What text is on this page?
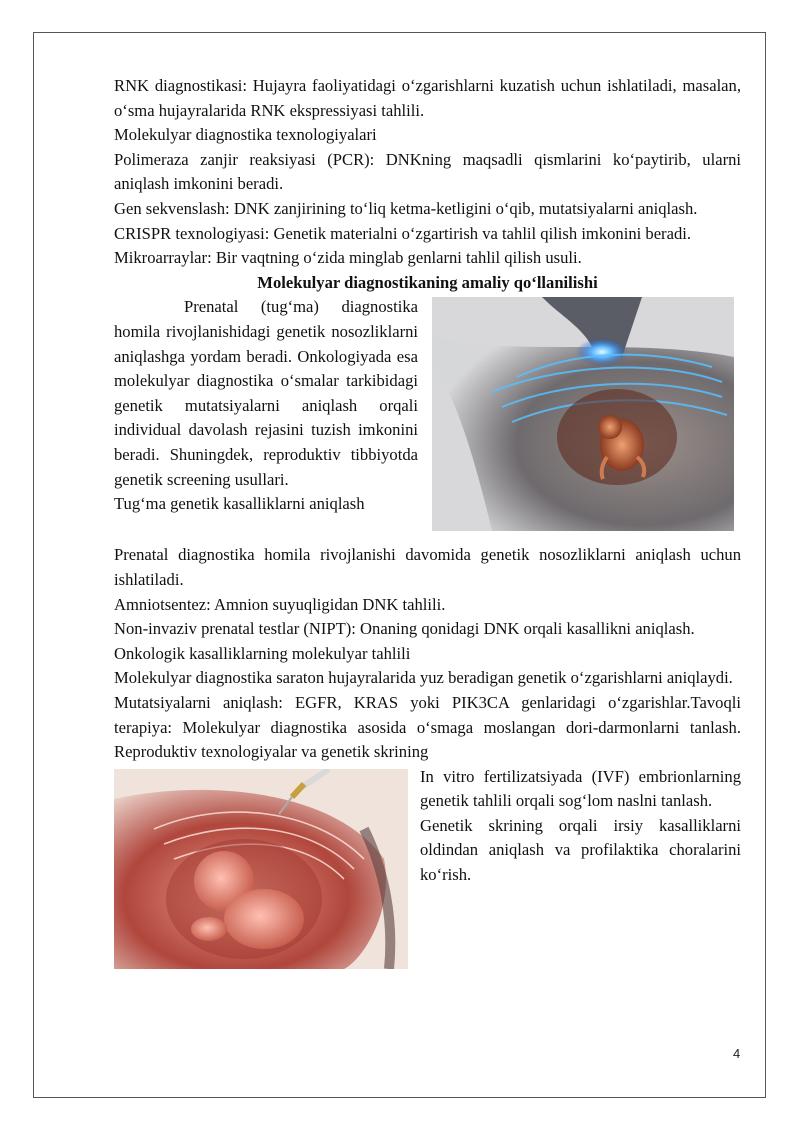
RNK diagnostikasi: Hujayra faoliyatidagi o‘zgarishlarni kuzatish uchun ishlatiladi, masalan, o‘sma hujayralarida RNK ekspressiyasi tahlili.

Molekulyar diagnostika texnologiyalari

Polimeraza zanjir reaksiyasi (PCR): DNKning maqsadli qismlarini ko‘paytirib, ularni aniqlash imkonini beradi.

Gen sekvenslash: DNK zanjirining to‘liq ketma-ketligini o‘qib, mutatsiyalarni aniqlash.

CRISPR texnologiyasi: Genetik materialni o‘zgartirish va tahlil qilish imkonini beradi.

Mikroarraylar: Bir vaqtning o‘zida minglab genlarni tahlil qilish usuli.

Molekulyar diagnostikaning amaliy qo‘llanilishi

Prenatal (tug‘ma) diagnostika homila rivojlanishidagi genetik nosozliklarni aniqlashga yordam beradi. Onkologiyada esa molekulyar diagnostika o‘smalar tarkibidagi genetik mutatsiyalarni aniqlash orqali individual davolash rejasini tuzish imkonini beradi. Shuningdek, reproduktiv tibbiyotda genetik screening usullari.

Tug‘ma genetik kasalliklarni aniqlash

Prenatal diagnostika homila rivojlanishi davomida genetik nosozliklarni aniqlash uchun ishlatiladi.

Amniotsentez: Amnion suyuqligidan DNK tahlili.

Non-invaziv prenatal testlar (NIPT): Onaning qonidagi DNK orqali kasallikni aniqlash.

Onkologik kasalliklarning molekulyar tahlili

Molekulyar diagnostika saraton hujayralarida yuz beradigan genetik o‘zgarishlarni aniqlaydi.

Mutatsiyalarni aniqlash: EGFR, KRAS yoki PIK3CA genlaridagi o‘zgarishlar.Tavoqli terapiya: Molekulyar diagnostika asosida o‘smaga moslangan dori-darmonlarni tanlash. Reproduktiv texnologiyalar va genetik skrining

In vitro fertilizatsiyada (IVF) embrionlarning genetik tahlili orqali sog‘lom naslni tanlash.

Genetik skrining orqali irsiy kasalliklarni oldindan aniqlash va profilaktika choralarini ko‘rish.

4
